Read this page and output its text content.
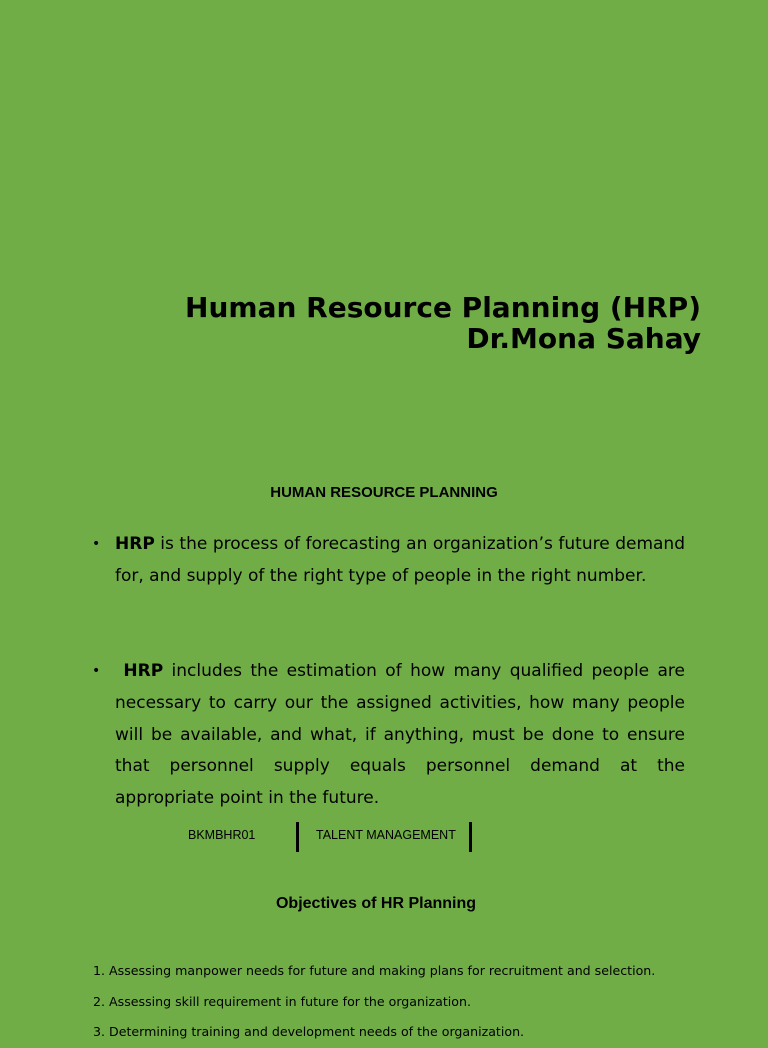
Human Resource Planning (HRP)
Dr.Mona Sahay
HUMAN RESOURCE PLANNING
• HRP is the process of forecasting an organization’s future demand for, and supply of the right type of people in the right number.
•	HRP includes the estimation of how many qualified people are necessary to carry our the assigned activities, how many people will be available, and what, if anything, must be done to ensure that personnel supply equals personnel demand at the appropriate point in the future.
BKMBHR01	TALENT MANAGEMENT
Objectives of HR Planning
1. Assessing manpower needs for future and making plans for recruitment and selection.
2. Assessing skill requirement in future for the organization.
3. Determining training and development needs of the organization.
